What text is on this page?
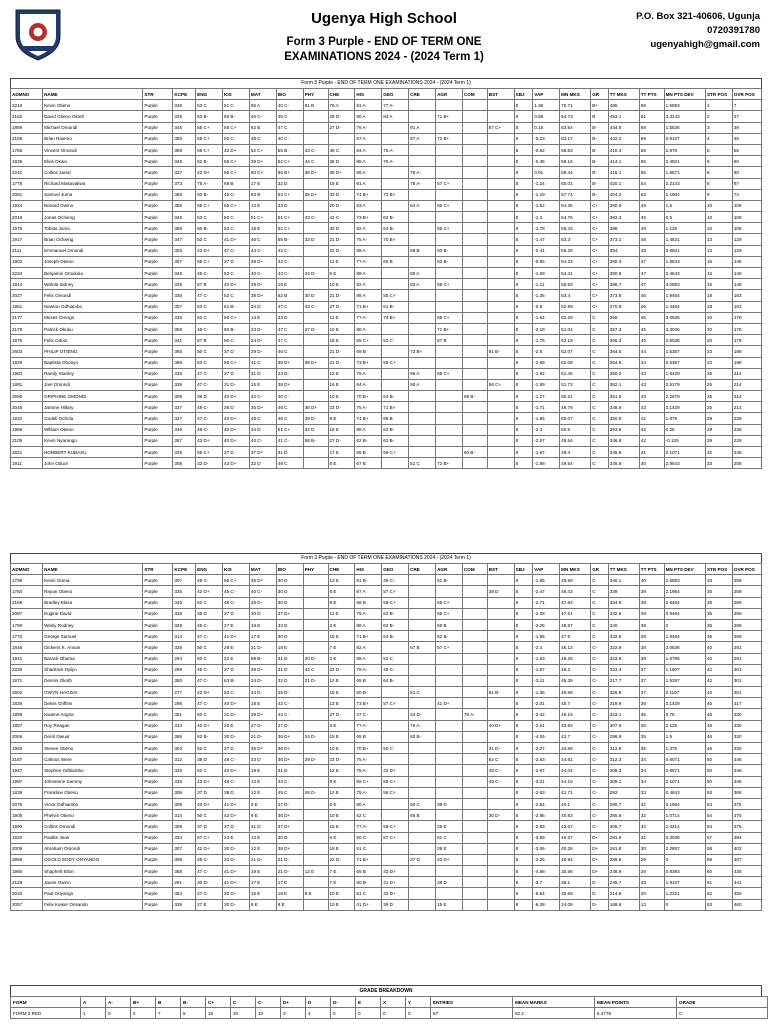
Ugenya High School
Form 3 Purple - END OF TERM ONE
EXAMINATIONS 2024 - (2024 Term 1)
P.O. Box 321-40606, Ugunja
0720391780
ugenyahigh@gmail.com
Form 3 Purple - END OF TERM ONE EXAMINATIONS 2024 - (2024 Term 1)
ADMNO	NAME	STR	KCPE	ENG	KIS	MAT	BIO	PHY	CHE	HIS	GEO	CRE	AGR	COM	BST	SBJ	VAP	MN MKS	GR	TT MKS	TT PTS	MN PTS DEV	STR POS	OVR POS
2216	Kevin Otieno	Purple	348	53 C	51 C	85 A	40 C-	61 B	76 A	91 A	77 A-					8	1.36	70.71	B+	495	68	1.5893	1	7
2162	David Otieno Okoth	Purple	326	63 B-	60 B-	40 C-	45 C		29 D-	90 A	84 A		71 B+			8	0.89	64.73	B	453.1	61	3.3143	2	27
1869	Michael Omondi	Purple	345	55 C+	56 C+	62 B	47 C		27 D-	76 A-		91 A			57 C+	8	0.15	63.54	B-	444.8	59	1.5536	3	39
2155	Brian Raiemo	Purple	355	58 C+	50 C	48 C	40 C-			87 A		87 A	72 B+			8	-0.23	63.17	B-	442.2	58	0.9107	4	45
1766	Vincent Omondi	Purple	359	55 C+	42 D+	52 C+	55 B-	43 C-	46 C	84 A	75 A-					8	-0.62	58.63	B-	410.4	56	2.875	5	56
1935	Elvis Okwa	Purple	346	62 B-	55 C+	39 D+	52 C+	44 C	36 D	85 A	76 A-					8	-0.45	59.16	B-	414.1	55	2.4821	6	60
2241	Collins Jared	Purple	327	42 D+	55 C+	50 C+	66 B+	36 D+	38 D+	86 A		78 A-				8	0.01	59.44	B-	416.1	55	1.8571	6	60
1778	Richard Masavakwa	Purple	373	75 A-	68 B	17 E	32 D		15 E	91 A		78 A-	57 C+			8	-1.24	60.01	B-	420.1	54	2.2143	8	67
2051	Samuel Juma	Purple	365	60 B-	45 C-	63 B	53 C+	35 D+	33 D	74 B+	73 B+					8	-1.19	57.74	B-	404.2	53	1.1964	9	74
1924	Benard Owino	Purple	355	55 C+	55 C+	13 E	33 D		20 D-	83 A		84 A	56 C+			8	-1.52	54.36	C+	380.5	49	1.5	10	108
2016	Jonas Ochieng	Purple	346	53 C	50 C	51 C+	51 C+	43 C-	42 C-	73 B+	62 B-					8	-1.3	54.76	C+	383.3	49	0.5	10	108
1976	Tobias Juma	Purple	366	60 B-	53 C	19 E	52 C+		33 D	82 A	64 B-		56 C+			8	-1.78	55.43	C+	388	49	1.125	10	108
1917	Brian Ochieng	Purple	347	52 C	41 D+	46 C	55 B-	33 D	21 D-	75 A-	70 B+					8	-1.47	53.3	C+	373.1	48	1.4821	13	129
2111	Emmanuel Omondi	Purple	303	43 D+	47 C-	44 C-	42 C-		22 D-	89 A		68 B	60 B-			8	-0.41	56.29	C+	394	48	3.9821	13	129
1802	Joseph Otieno	Purple	307	55 C+	37 D	39 D+	42 C-		11 E	77 A-	66 B		63 B-			8	-0.65	54.33	C+	380.3	47	1.9643	15	146
2234	Benjamin Omukula	Purple	346	45 C-	52 C	40 C-	43 C-	24 D-	5 E	89 A		86 A				8	-1.59	54.41	C+	380.9	47	2.4643	15	146
1814	Wafula Sidney	Purple	326	67 B	40 D+	29 D-	18 E		10 E	92 A		83 A	58 C+			8	-1.11	55.53	C+	388.7	47	3.0893	15	146
2027	Felix Omondi	Purple	330	47 C-	52 C	38 D+	62 B	30 D	21 D-	88 A	55 C+					8	-1.35	53.4	C+	373.8	46	1.9464	18	163
1851	Newton Odhiambo	Purple	307	53 C	61 B-	34 D	47 C	43 C-	27 D-	71 B+	61 B-					8	-0.8	52.99	C+	370.9	46	1.4464	18	163
2177	Moses Orengo	Purple	336	52 C	56 C+	14 E	33 D		11 E	77 A-	74 B+		58 C+			8	-1.64	52.29	C	366	45	3.0536	20	178
2179	Patrick Okuku	Purple	359	48 C-	60 B-	23 D-	47 C	27 D-	10 E	80 A			71 B+			8	-2.19	51.04	C	357.3	45	3.3036	20	178
1875	Felix Oduor	Purple	341	67 B	50 C	24 D-	47 C		18 E	56 C+	53 C		67 B			8	-1.76	52.19	C	365.3	45	2.8036	20	178
2603	PHILIP OTIENO	Purple	366	50 C	37 D	29 D-	45 C		21 D-	69 B		73 B+			61 B-	8	-2.5	52.07	C	364.5	44	1.5357	23	198
1929	Baptista Obonyo	Purple	366	53 C	56 C+	41 C	38 D+	38 D+	21 D-	73 B+	56 C+					8	-2.68	52.09	C	364.6	44	0.5357	23	198
1983	Randy Stanley	Purple	336	47 C-	37 D	31 D	23 D-		12 E	76 A-		86 A	58 C+			8	-1.92	51.46	C	360.2	43	1.6429	25	214
1881	Joel Omondi	Purple	339	47 C-	31 D-	15 E	38 D+		16 E	84 A		90 A			56 C+	8	-1.99	51.73	C	362.1	43	2.5179	25	214
2590	GRIPHINE OMONDI	Purple	309	36 D	40 D+	42 C-	40 C-		10 E	70 B+	64 B-			59 B-		8	-1.27	50.21	C	351.5	43	2.2679	25	214
2045	Jarome Hillary	Purple	327	48 C-	36 D	35 D+	46 C	36 D+	23 D-	75 A-	71 B+					8	-1.71	49.79	C	348.5	43	3.1429	25	214
1832	Godeli Ochola	Purple	327	47 C-	40 D+	49 C	46 C	29 D-	8 E	74 B+	65 B					8	-1.85	50.07	C	350.5	42	1.875	29	228
1966	William Otieno	Purple	346	48 C-	40 D+	34 D	51 C+	32 D	18 E	86 A	62 B-					8	-2.3	50.5	C	353.5	42	0.25	29	228
2105	Kevin Nyarango	Purple	357	43 D+	40 D+	40 C-	41 C-	58 B-	27 D-	62 B-	62 B-					8	-2.57	49.54	C	346.8	42	-0.125	29	228
2821	NORBERT KUBASU	Purple	326	55 C+	37 D	37 D+	31 D		17 E	66 B	59 C+			60 B-		8	-1.97	49.4	C	345.8	41	2.1071	32	245
1911	John Oduor	Purple	308	32 D-	43 D+	32 D	48 C		8 E	67 B		51 C	72 B+			8	-1.68	49.54	C	346.8	40	2.9643	33	258
Form 3 Purple - END OF TERM ONE EXAMINATIONS 2024 - (2024 Term 1)
ADMNO	NAME	STR	KCPE	ENG	KIS	MAT	BIO	PHY	CHE	HIS	GEO	CRE	AGR	COM	BST	SBJ	VAP	MN MKS	GR	TT MKS	TT PTS	MN PTS DEV	STR POS	OVR POS
1796	Kevin Ouma	Purple	307	48 C-	55 C+	36 D+	30 D		13 E	61 B-	49 C-		61 B-			8	-1.65	48.59	C	340.1	40	2.5893	33	258
1784	Rayan Otieno	Purple	335	42 D+	45 C-	40 C-	30 D		8 E	87 A	57 C+				38 D	8	-2.47	48.43	C	339	39	2.1964	35	269
2169	Bradley Ekisa	Purple	345	52 C	46 C-	26 D-	30 D		8 E	66 B	59 C+		55 C+			8	-2.71	47.84	C	334.9	39	2.9464	35	269
2087	Eugine David	Purple	319	35 D	37 D	30 D	37 D+		11 E	75 A-	62 B-		55 C+			8	-2.08	47.51	C	332.6	39	0.9464	35	269
1790	Wesly Rodney	Purple	326	45 C-	27 E	19 E	33 D		3 E	86 A	62 B-		66 B			8	-2.25	48.57	C	340	39	0	35	269
1772	George Samuel	Purple	314	47 C-	41 D+	17 E	30 D		15 E	71 B+	64 B-		62 B-			8	-1.96	47.5	C	332.5	39	1.9464	35	269
1845	Dickens K. Annan	Purple	326	50 C	28 E	21 D-	18 E		7 E	82 A		67 B	57 C+			8	-2.4	46.13	C-	322.9	38	2.0536	40	291
1941	Barack Obama	Purple	294	50 C	22 E	58 B-	31 D	20 D-	3 E	89 A	53 C					8	-1.63	46.26	C-	323.8	38	1.6786	40	291
2226	Shadrack Opiyo	Purple	298	45 C-	37 D	39 D+	31 D	44 C	23 D-	78 A-	48 C-					8	-1.87	46.2	C-	323.4	37	1.1607	42	301
1971	Dennis Okoth	Purple	350	47 C-	63 B-	24 D-	32 D	21 D-	12 E	65 B	64 B-					8	-3.11	45.39	C-	317.7	37	1.5357	42	301
2602	GWYN HAGGAI	Purple	277	42 D+	53 C	34 D	25 D-		15 E	60 B-		51 C			61 B-	8	-1.36	46.69	C-	326.8	37	2.1107	42	301
1826	Delvis Griffins	Purple	298	47 C-	40 D+	18 E	42 C-		13 E	73 B+	57 C+		41 D+			8	-2.01	45.7	C-	319.9	36	3.1429	45	317
1899	Kwame Angira	Purple	351	50 C	31 D-	39 D+	43 C-		27 D-	47 C-		34 D-		78 A-		8	-3.42	46.16	C-	323.1	35	0.75	46	330
1857	Roy Reagan	Purple	313	40 D+	20 E	27 D-	27 D-		3 E	77 A-		76 A-			40 D+	8	-2.51	43.93	C-	307.5	35	2.125	46	330
2069	Derril Owuor	Purple	386	62 B-	30 D-	21 D-	36 D+	24 D-	15 E	65 B		60 B-				8	-4.26	42.7	C-	298.9	35	1.5	46	330
1953	Steven Otieno	Purple	303	52 C	37 D	36 D+	36 D+		10 E	70 B+	50 C				31 D-	8	-2.27	44.69	C-	312.8	35	1.375	46	330
2187	Calmus Were	Purple	312	38 D	48 C-	33 D	36 D+	29 D-	23 D-	75 A-					52 C	8	-2.63	44.61	C-	312.3	34	0.6071	50	346
1947	Stephen Odhiambo	Purple	326	52 C	40 D+	19 E	31 D		12 E	75 A-	43 D+				48 C-	8	-2.97	44.04	C-	308.3	34	0.8571	50	346
1997	Johnstone Sammy	Purple	336	43 D+	46 C-	13 E	43 C-		8 E	56 C+	58 C+				49 C-	8	-3.21	44.16	C-	309.1	34	2.1071	50	346
1839	Frankline Otieno	Purple	306	37 D	38 D	12 E	45 C	26 D-	12 E	75 A-	58 C+					8	-2.63	41.71	C-	292	33	0.4643	53	366
2075	Victor Odhiambo	Purple	309	40 D+	41 D+	3 E	27 D-		6 E	80 A		50 C	38 D			8	-2.84	40.1	C-	280.7	32	3.1964	54	375
1905	Phelvin Otieno	Purple	314	50 C	42 D+	9 E	36 D+		10 E	52 C		66 B			30 D-	8	-2.96	40.83	C-	285.8	32	1.0714	54	375
1990	Collins Omondi	Purple	308	37 D	37 D	31 D	37 D+		15 E	77 A-	59 C+		26 E			8	-2.83	43.67	C-	305.7	32	2.3214	54	375
1820	Paulite Jean	Purple	334	57 C+	23 E	13 E	30 D		6 E	50 C	57 C+		51 C			8	-3.59	40.27	D+	281.9	31	0.3036	57	394
2009	Abraham Omondi	Purple	307	42 D+	30 D-	12 E	38 D+		18 E	51 C			28 E			8	-3.06	40.26	D+	281.8	30	2.2857	58	402
2868	OGOLO EDDY ONYANGO	Purple	308	48 C-	33 D-	21 D-	21 D-		22 D-	71 B+		37 D	43 D+			8	-3.25	40.94	D+	286.6	29	0	59	407
1960	Shaphelt Elton	Purple	358	47 C-	41 D+	19 E	21 D-	12 E	7 E	65 B	43 D+					8	-4.88	35.56	D+	248.9	26	0.8393	60	425
2129	Javan Owino	Purple	291	30 D-	41 D+	17 E	17 E		7 E	60 B-	41 D+		38 D			8	-3.7	35.1	D	245.7	23	1.9107	61	441
2033	Paul Onyango	Purple	354	47 C-	30 D-	15 E	18 E	9 E	10 E	51 C	43 D+					8	-5.64	30.69	D	214.8	20	1.2321	62	450
2057	Felix Keiser Onsando	Purple	339	27 E	30 D-	9 E	8 E		10 E	41 D+	36 D		15 E			8	-6.28	24.09	D-	168.6	13	0	63	460
GRADE BREAKDOWN
FORM	A	A-	B+	B	B-	C+	C	C-	D+	D	D-	E	X	Y	ENTRIES	MEAN MARKS	MEAN POINTS	GRADE
FORM 3 RED	1	0	2	7	5	15	20	10	3	4	0	0	0	0	67	52.2	6.4776	C
